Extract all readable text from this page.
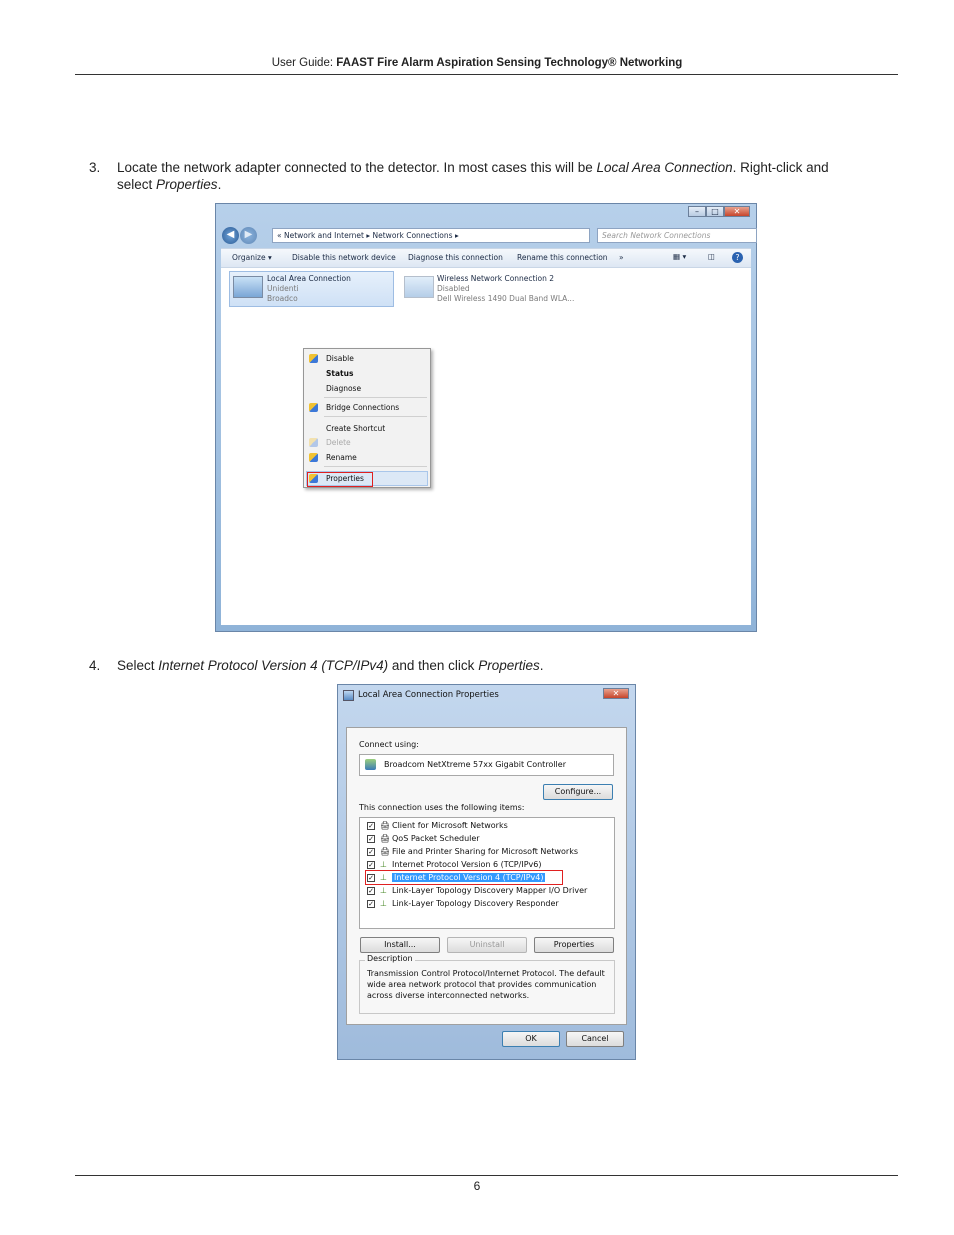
User Guide: FAAST Fire Alarm Aspiration Sensing Technology® Networking
3. Locate the network adapter connected to the detector. In most cases this will be Local Area Connection. Right-click and
select Properties.
–	□	✕
◀	▶	« Network and Internet ▸ Network Connections ▸	Search Network Connections
Organize ▾	Disable this network device Diagnose this connection Rename this connection »	▦ ▾	◫	?
Local Area Connection
Unidenti
Broadco
Wireless Network Connection 2
Disabled
Dell Wireless 1490 Dual Band WLA...
Disable
Status
Diagnose
Bridge Connections
Create Shortcut
Delete
Rename
Properties
4. Select Internet Protocol Version 4 (TCP/IPv4) and then click Properties.
Local Area Connection Properties	✕
Connect using:
Broadcom NetXtreme 57xx Gigabit Controller
Configure...
This connection uses the following items:
✓ 🖨 Client for Microsoft Networks
✓ 🖨 QoS Packet Scheduler
✓ 🖨 File and Printer Sharing for Microsoft Networks
✓ ⊥ Internet Protocol Version 6 (TCP/IPv6)
✓ ⊥ Internet Protocol Version 4 (TCP/IPv4)
✓ ⊥ Link-Layer Topology Discovery Mapper I/O Driver
✓ ⊥ Link-Layer Topology Discovery Responder
Install...	Uninstall	Properties
Description
Transmission Control Protocol/Internet Protocol. The default wide area network protocol that provides communication across diverse interconnected networks.
OK	Cancel
6
